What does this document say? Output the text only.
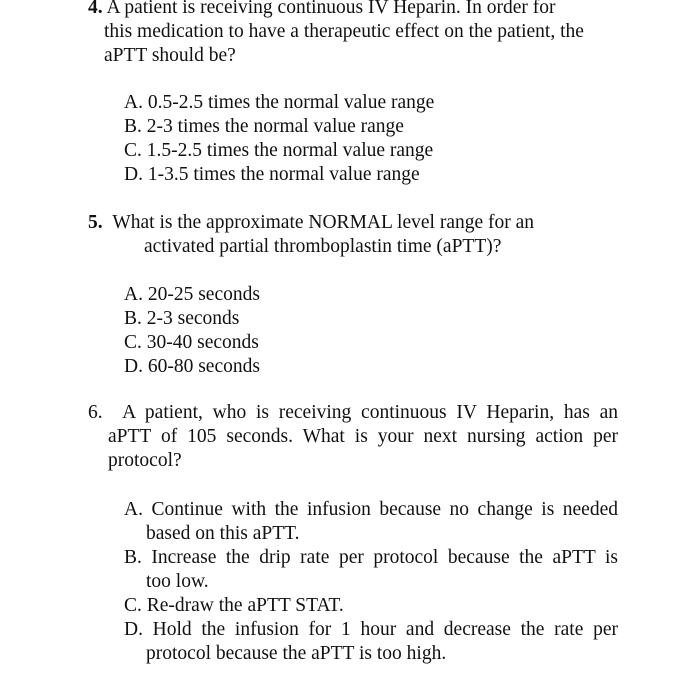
4. A patient is receiving continuous IV Heparin. In order for
this medication to have a therapeutic effect on the patient, the
aPTT should be?

A. 0.5-2.5 times the normal value range
B. 2-3 times the normal value range
C. 1.5-2.5 times the normal value range
D. 1-3.5 times the normal value range

5. What is the approximate NORMAL level range for an
activated partial thromboplastin time (aPTT)?

A. 20-25 seconds
B. 2-3 seconds
C. 30-40 seconds
D. 60-80 seconds

6. A patient, who is receiving continuous IV Heparin, has an
aPTT of 105 seconds. What is your next nursing action per
protocol?

A. Continue with the infusion because no change is needed
based on this aPTT.
B. Increase the drip rate per protocol because the aPTT is
too low.
C. Re-draw the aPTT STAT.
D. Hold the infusion for 1 hour and decrease the rate per
protocol because the aPTT is too high.
